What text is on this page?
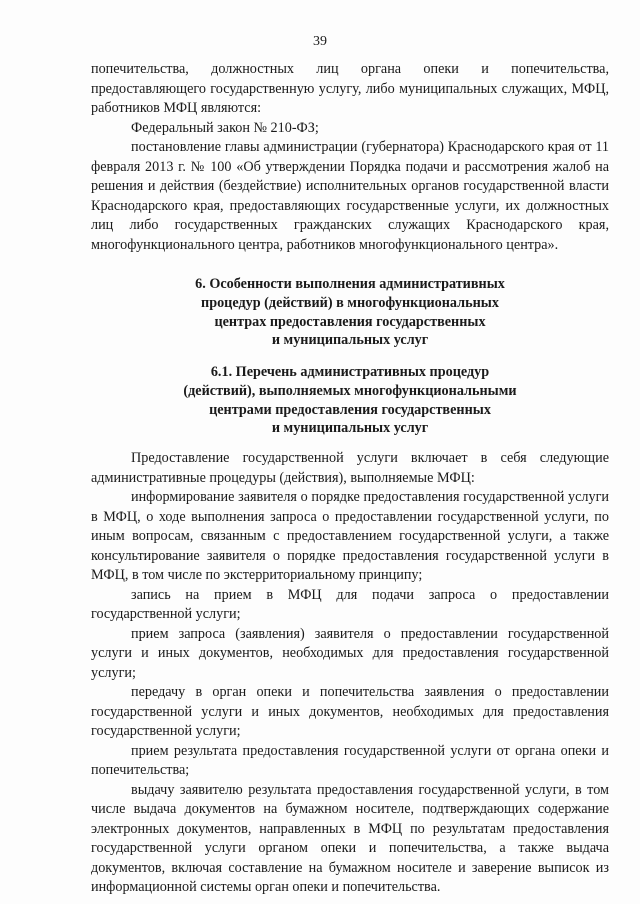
39

попечительства, должностных лиц органа опеки и попечительства, предоставляющего государственную услугу, либо муниципальных служащих, МФЦ, работников МФЦ являются:

Федеральный закон № 210-ФЗ;

постановление главы администрации (губернатора) Краснодарского края от 11 февраля 2013 г. № 100 «Об утверждении Порядка подачи и рассмотрения жалоб на решения и действия (бездействие) исполнительных органов государственной власти Краснодарского края, предоставляющих государственные услуги, их должностных лиц либо государственных гражданских служащих Краснодарского края, многофункционального центра, работников многофункционального центра».

6. Особенности выполнения административных
процедур (действий) в многофункциональных
центрах предоставления государственных
и муниципальных услуг
6.1. Перечень административных процедур
(действий), выполняемых многофункциональными
центрами предоставления государственных
и муниципальных услуг

Предоставление государственной услуги включает в себя следующие административные процедуры (действия), выполняемые МФЦ:

информирование заявителя о порядке предоставления государственной услуги в МФЦ, о ходе выполнения запроса о предоставлении государственной услуги, по иным вопросам, связанным с предоставлением государственной услуги, а также консультирование заявителя о порядке предоставления государственной услуги в МФЦ, в том числе по экстерриториальному принципу;

запись на прием в МФЦ для подачи запроса о предоставлении государственной услуги;

прием запроса (заявления) заявителя о предоставлении государственной услуги и иных документов, необходимых для предоставления государственной услуги;

передачу в орган опеки и попечительства заявления о предоставлении государственной услуги и иных документов, необходимых для предоставления государственной услуги;

прием результата предоставления государственной услуги от органа опеки и попечительства;

выдачу заявителю результата предоставления государственной услуги, в том числе выдача документов на бумажном носителе, подтверждающих содержание электронных документов, направленных в МФЦ по результатам предоставления государственной услуги органом опеки и попечительства, а также выдача документов, включая составление на бумажном носителе и заверение выписок из информационной системы орган опеки и попечительства.
